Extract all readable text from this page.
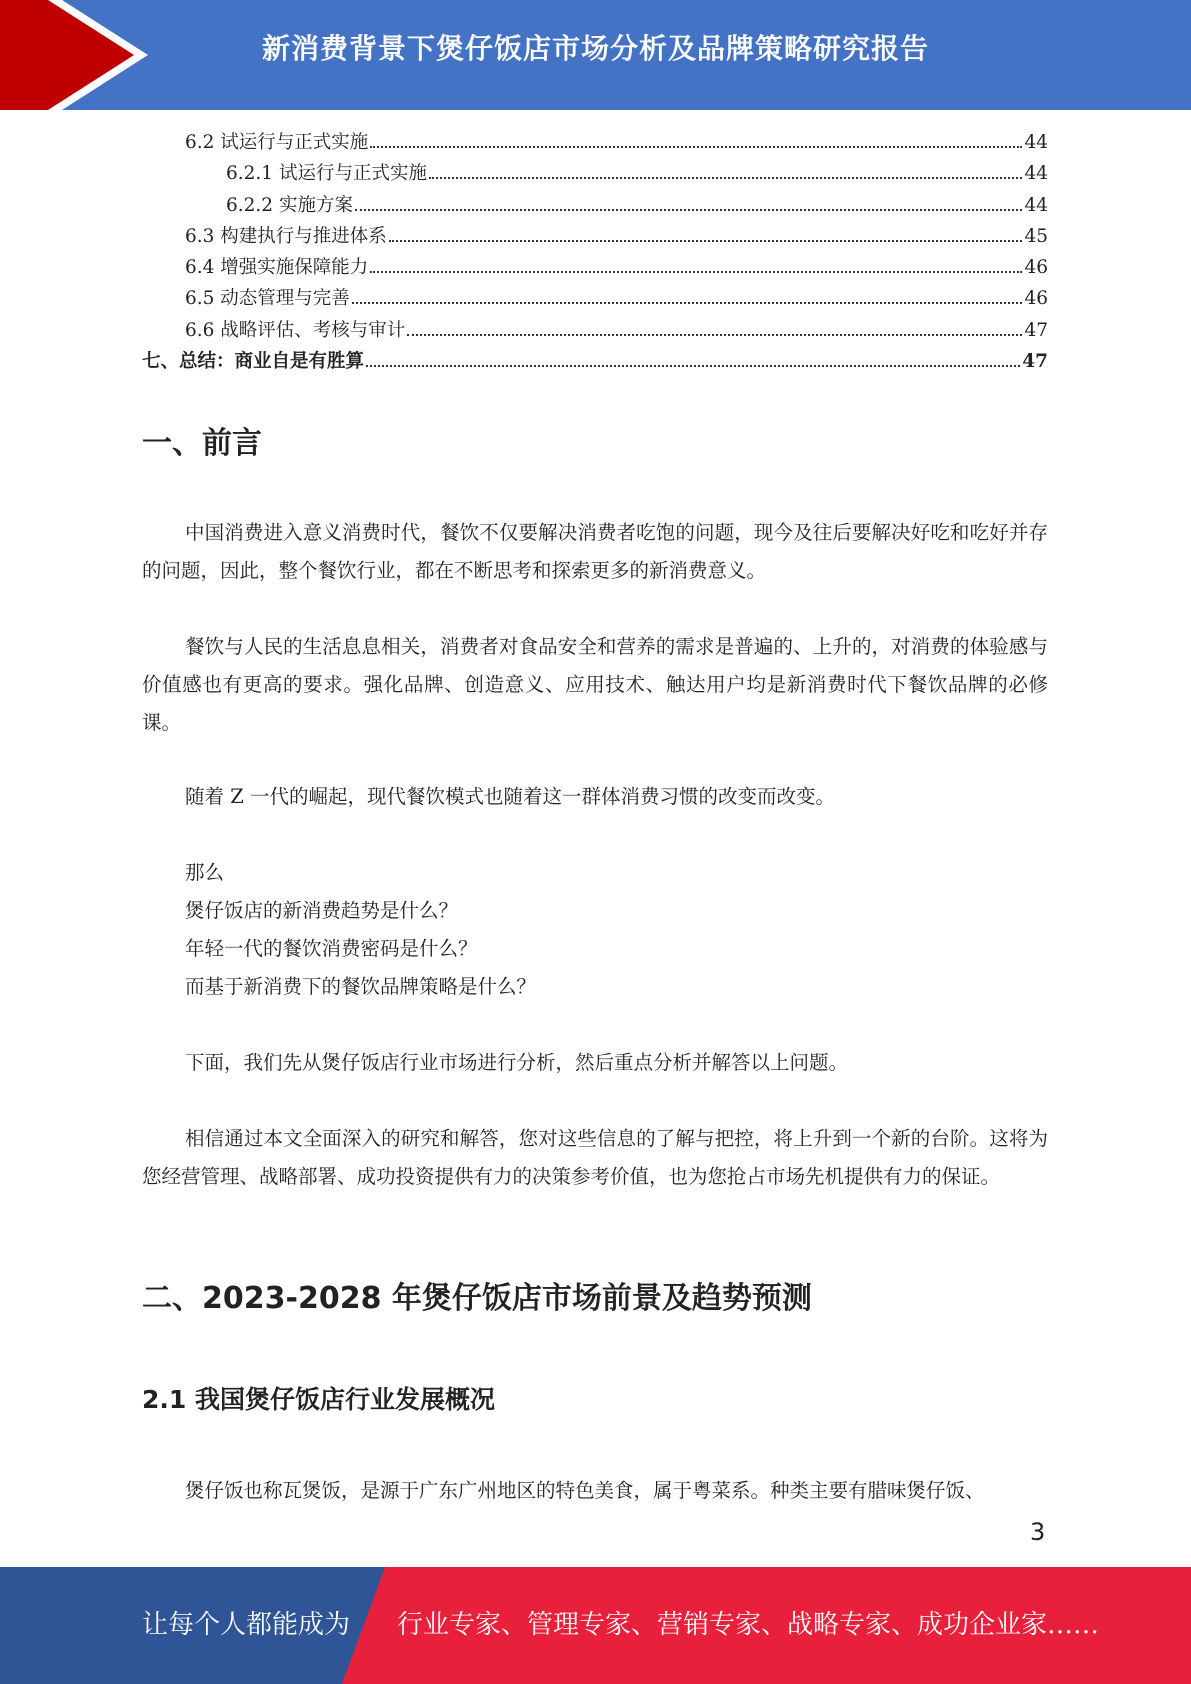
新消费背景下煲仔饭店市场分析及品牌策略研究报告
6.2 试运行与正式实施	44
6.2.1 试运行与正式实施	44
6.2.2 实施方案	44
6.3 构建执行与推进体系	45
6.4 增强实施保障能力	46
6.5 动态管理与完善	46
6.6 战略评估、考核与审计	47
七、总结：商业自是有胜算	47
一、前言

中国消费进入意义消费时代，餐饮不仅要解决消费者吃饱的问题，现今及往后要解决好吃和吃好并存的问题，因此，整个餐饮行业，都在不断思考和探索更多的新消费意义。

餐饮与人民的生活息息相关，消费者对食品安全和营养的需求是普遍的、上升的，对消费的体验感与价值感也有更高的要求。强化品牌、创造意义、应用技术、触达用户均是新消费时代下餐饮品牌的必修课。

随着 Z 一代的崛起，现代餐饮模式也随着这一群体消费习惯的改变而改变。

那么
煲仔饭店的新消费趋势是什么？
年轻一代的餐饮消费密码是什么？
而基于新消费下的餐饮品牌策略是什么？

下面，我们先从煲仔饭店行业市场进行分析，然后重点分析并解答以上问题。

相信通过本文全面深入的研究和解答，您对这些信息的了解与把控，将上升到一个新的台阶。这将为您经营管理、战略部署、成功投资提供有力的决策参考价值，也为您抢占市场先机提供有力的保证。

二、2023-2028 年煲仔饭店市场前景及趋势预测
2.1 我国煲仔饭店行业发展概况

煲仔饭也称瓦煲饭，是源于广东广州地区的特色美食，属于粤菜系。种类主要有腊味煲仔饭、

3
让每个人都能成为 行业专家、管理专家、营销专家、战略专家、成功企业家……
